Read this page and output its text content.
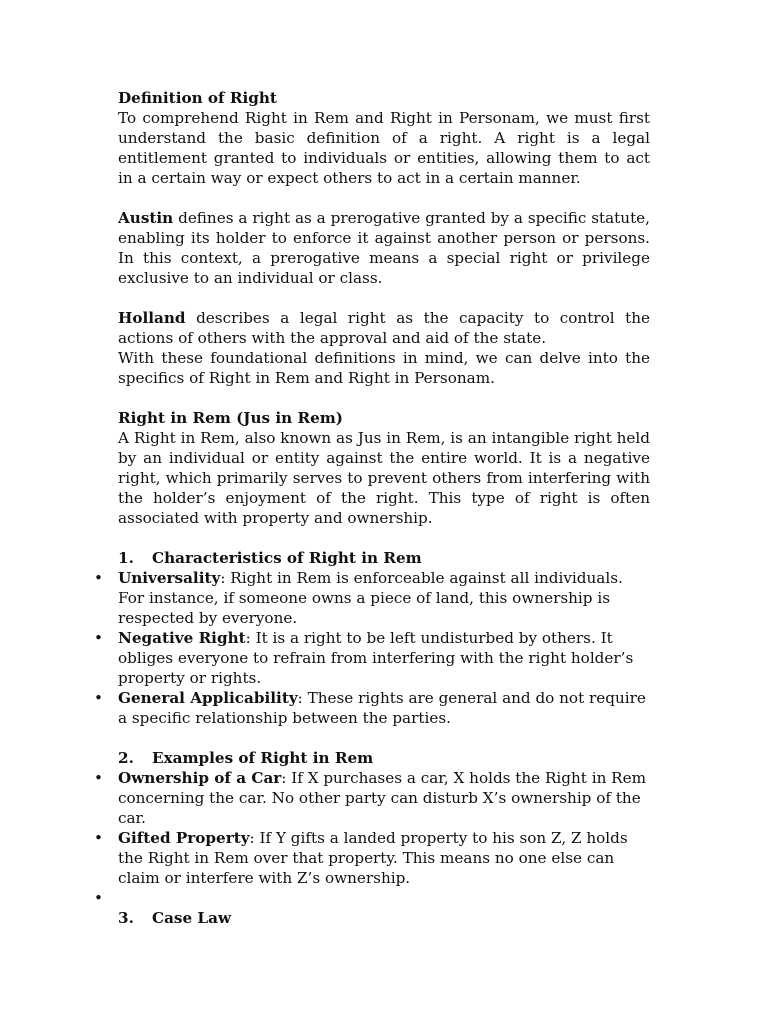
Definition of Right

To comprehend Right in Rem and Right in Personam, we must first understand the basic definition of a right. A right is a legal entitlement granted to individuals or entities, allowing them to act in a certain way or expect others to act in a certain manner.

Austin defines a right as a prerogative granted by a specific statute, enabling its holder to enforce it against another person or persons. In this context, a prerogative means a special right or privilege exclusive to an individual or class.

Holland describes a legal right as the capacity to control the actions of others with the approval and aid of the state.

With these foundational definitions in mind, we can delve into the specifics of Right in Rem and Right in Personam.

Right in Rem (Jus in Rem)

A Right in Rem, also known as Jus in Rem, is an intangible right held by an individual or entity against the entire world. It is a negative right, which primarily serves to prevent others from interfering with the holder’s enjoyment of the right. This type of right is often associated with property and ownership.

1. Characteristics of Right in Rem

• Universality: Right in Rem is enforceable against all individuals. For instance, if someone owns a piece of land, this ownership is respected by everyone.
• Negative Right: It is a right to be left undisturbed by others. It obliges everyone to refrain from interfering with the right holder’s property or rights.
• General Applicability: These rights are general and do not require a specific relationship between the parties.

2. Examples of Right in Rem

• Ownership of a Car: If X purchases a car, X holds the Right in Rem concerning the car. No other party can disturb X’s ownership of the car.
• Gifted Property: If Y gifts a landed property to his son Z, Z holds the Right in Rem over that property. This means no one else can claim or interfere with Z’s ownership.
•

3. Case Law
